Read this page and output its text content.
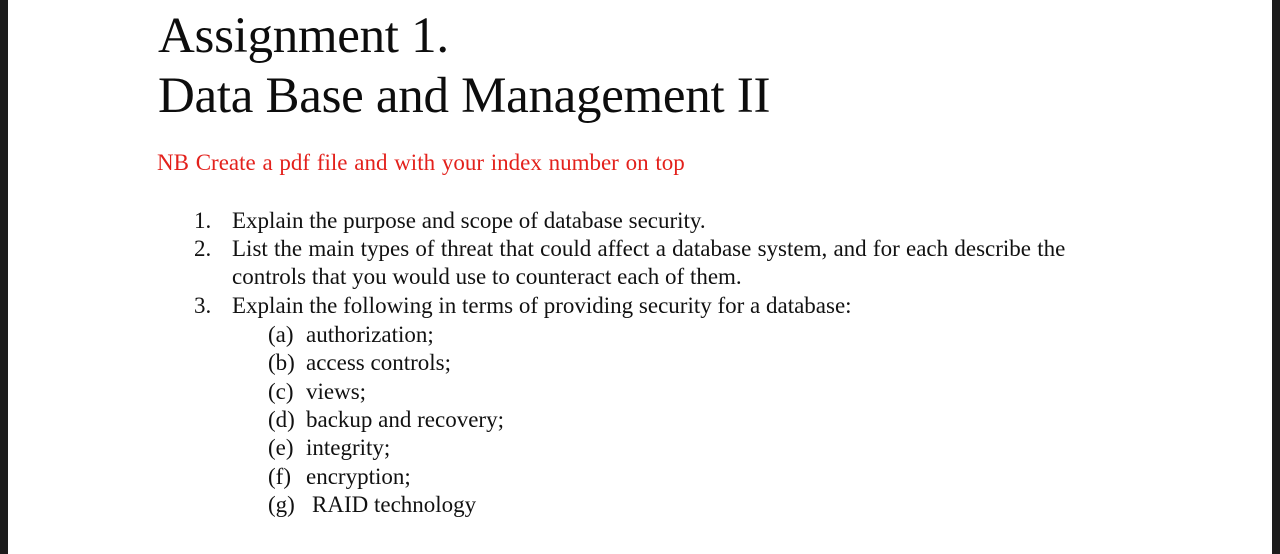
Assignment 1.
Data Base and Management II
NB Create a pdf file and with your index number on top
1. Explain the purpose and scope of database security.
2. List the main types of threat that could affect a database system, and for each describe the
controls that you would use to counteract each of them.
3. Explain the following in terms of providing security for a database:
(a) authorization;
(b) access controls;
(c) views;
(d) backup and recovery;
(e) integrity;
(f) encryption;
(g) RAID technology
